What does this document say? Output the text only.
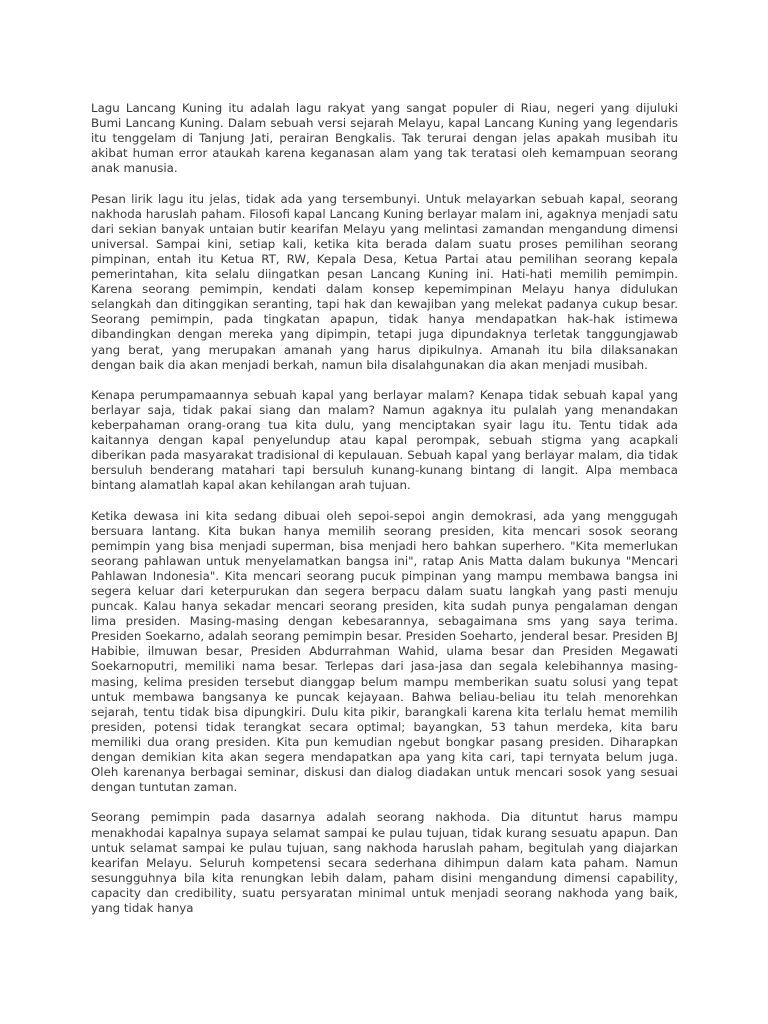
Lagu Lancang Kuning itu adalah lagu rakyat yang sangat populer di Riau, negeri yang dijuluki Bumi Lancang Kuning. Dalam sebuah versi sejarah Melayu, kapal Lancang Kuning yang legendaris itu tenggelam di Tanjung Jati, perairan Bengkalis. Tak terurai dengan jelas apakah musibah itu akibat human error ataukah karena keganasan alam yang tak teratasi oleh kemampuan seorang anak manusia.

Pesan lirik lagu itu jelas, tidak ada yang tersembunyi. Untuk melayarkan sebuah kapal, seorang nakhoda haruslah paham. Filosofi kapal Lancang Kuning berlayar malam ini, agaknya menjadi satu dari sekian banyak untaian butir kearifan Melayu yang melintasi zamandan mengandung dimensi universal. Sampai kini, setiap kali, ketika kita berada dalam suatu proses pemilihan seorang pimpinan, entah itu Ketua RT, RW, Kepala Desa, Ketua Partai atau pemilihan seorang kepala pemerintahan, kita selalu diingatkan pesan Lancang Kuning ini. Hati-hati memilih pemimpin. Karena seorang pemimpin, kendati dalam konsep kepemimpinan Melayu hanya didulukan selangkah dan ditinggikan seranting, tapi hak dan kewajiban yang melekat padanya cukup besar. Seorang pemimpin, pada tingkatan apapun, tidak hanya mendapatkan hak-hak istimewa dibandingkan dengan mereka yang dipimpin, tetapi juga dipundaknya terletak tanggungjawab yang berat, yang merupakan amanah yang harus dipikulnya. Amanah itu bila dilaksanakan dengan baik dia akan menjadi berkah, namun bila disalahgunakan dia akan menjadi musibah.

Kenapa perumpamaannya sebuah kapal yang berlayar malam? Kenapa tidak sebuah kapal yang berlayar saja, tidak pakai siang dan malam? Namun agaknya itu pulalah yang menandakan keberpahaman orang-orang tua kita dulu, yang menciptakan syair lagu itu. Tentu tidak ada kaitannya dengan kapal penyelundup atau kapal perompak, sebuah stigma yang acapkali diberikan pada masyarakat tradisional di kepulauan. Sebuah kapal yang berlayar malam, dia tidak bersuluh benderang matahari tapi bersuluh kunang-kunang bintang di langit. Alpa membaca bintang alamatlah kapal akan kehilangan arah tujuan.

Ketika dewasa ini kita sedang dibuai oleh sepoi-sepoi angin demokrasi, ada yang menggugah bersuara lantang. Kita bukan hanya memilih seorang presiden, kita mencari sosok seorang pemimpin yang bisa menjadi superman, bisa menjadi hero bahkan superhero. "Kita memerlukan seorang pahlawan untuk menyelamatkan bangsa ini", ratap Anis Matta dalam bukunya "Mencari Pahlawan Indonesia". Kita mencari seorang pucuk pimpinan yang mampu membawa bangsa ini segera keluar dari keterpurukan dan segera berpacu dalam suatu langkah yang pasti menuju puncak. Kalau hanya sekadar mencari seorang presiden, kita sudah punya pengalaman dengan lima presiden. Masing-masing dengan kebesarannya, sebagaimana sms yang saya terima. Presiden Soekarno, adalah seorang pemimpin besar. Presiden Soeharto, jenderal besar. Presiden BJ Habibie, ilmuwan besar, Presiden Abdurrahman Wahid, ulama besar dan Presiden Megawati Soekarnoputri, memiliki nama besar. Terlepas dari jasa-jasa dan segala kelebihannya masing-masing, kelima presiden tersebut dianggap belum mampu memberikan suatu solusi yang tepat untuk membawa bangsanya ke puncak kejayaan. Bahwa beliau-beliau itu telah menorehkan sejarah, tentu tidak bisa dipungkiri. Dulu kita pikir, barangkali karena kita terlalu hemat memilih presiden, potensi tidak terangkat secara optimal; bayangkan, 53 tahun merdeka, kita baru memiliki dua orang presiden. Kita pun kemudian ngebut bongkar pasang presiden. Diharapkan dengan demikian kita akan segera mendapatkan apa yang kita cari, tapi ternyata belum juga. Oleh karenanya berbagai seminar, diskusi dan dialog diadakan untuk mencari sosok yang sesuai dengan tuntutan zaman.

Seorang pemimpin pada dasarnya adalah seorang nakhoda. Dia dituntut harus mampu menakhodai kapalnya supaya selamat sampai ke pulau tujuan, tidak kurang sesuatu apapun. Dan untuk selamat sampai ke pulau tujuan, sang nakhoda haruslah paham, begitulah yang diajarkan kearifan Melayu. Seluruh kompetensi secara sederhana dihimpun dalam kata paham. Namun sesungguhnya bila kita renungkan lebih dalam, paham disini mengandung dimensi capability, capacity dan credibility, suatu persyaratan minimal untuk menjadi seorang nakhoda yang baik, yang tidak hanya
